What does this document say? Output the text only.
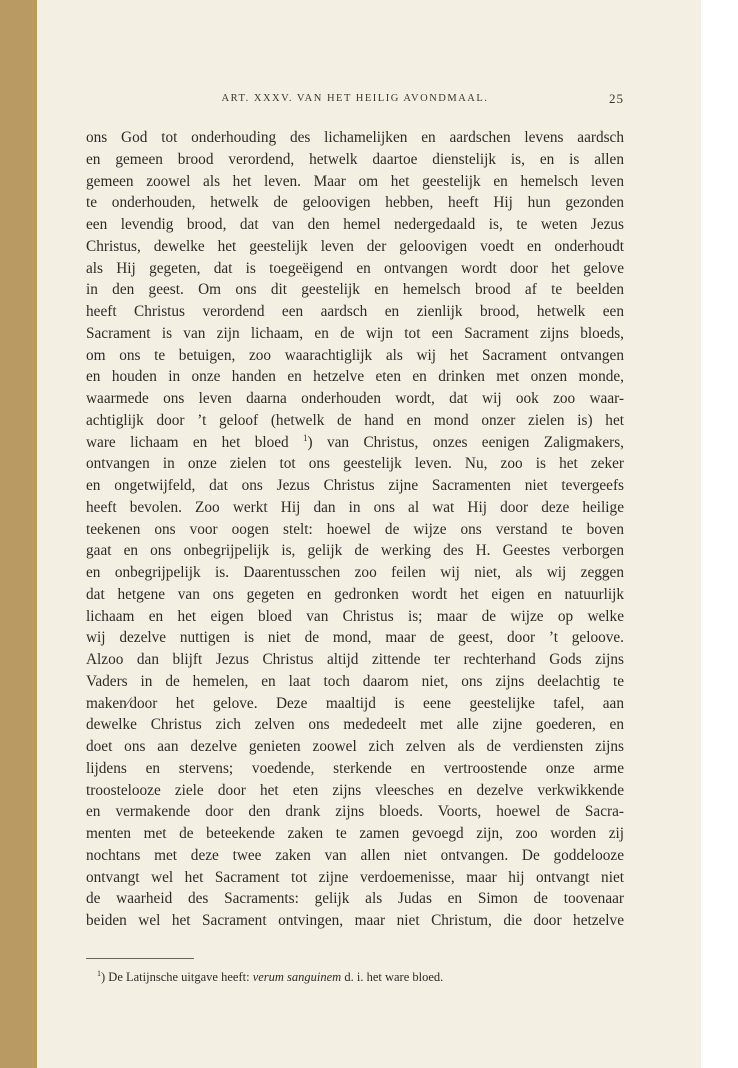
ART. XXXV. VAN HET HEILIG AVONDMAAL.	25
ons God tot onderhouding des lichamelijken en aardschen levens aardsch
en gemeen brood verordend, hetwelk daartoe dienstelijk is, en is allen
gemeen zoowel als het leven. Maar om het geestelijk en hemelsch leven
te onderhouden, hetwelk de geloovigen hebben, heeft Hij hun gezonden
een levendig brood, dat van den hemel nedergedaald is, te weten Jezus
Christus, dewelke het geestelijk leven der geloovigen voedt en onderhoudt
als Hij gegeten, dat is toegeëigend en ontvangen wordt door het gelove
in den geest. Om ons dit geestelijk en hemelsch brood af te beelden
heeft Christus verordend een aardsch en zienlijk brood, hetwelk een
Sacrament is van zijn lichaam, en de wijn tot een Sacrament zijns bloeds,
om ons te betuigen, zoo waarachtiglijk als wij het Sacrament ontvangen
en houden in onze handen en hetzelve eten en drinken met onzen monde,
waarmede ons leven daarna onderhouden wordt, dat wij ook zoo waar-
achtiglijk door ’t geloof (hetwelk de hand en mond onzer zielen is) het
ware lichaam en het bloed $^1$) van Christus, onzes eenigen Zaligmakers,
ontvangen in onze zielen tot ons geestelijk leven. Nu, zoo is het zeker
en ongetwijfeld, dat ons Jezus Christus zijne Sacramenten niet tevergeefs
heeft bevolen. Zoo werkt Hij dan in ons al wat Hij door deze heilige
teekenen ons voor oogen stelt: hoewel de wijze ons verstand te boven
gaat en ons onbegrijpelijk is, gelijk de werking des H. Geestes verborgen
en onbegrijpelijk is. Daarentusschen zoo feilen wij niet, als wij zeggen
dat hetgene van ons gegeten en gedronken wordt het eigen en natuurlijk
lichaam en het eigen bloed van Christus is; maar de wijze op welke
wij dezelve nuttigen is niet de mond, maar de geest, door ’t geloove.
Alzoo dan blijft Jezus Christus altijd zittende ter rechterhand Gods zijns
Vaders in de hemelen, en laat toch daarom niet, ons zijns deelachtig te
maken⁄door het gelove. Deze maaltijd is eene geestelijke tafel, aan
dewelke Christus zich zelven ons mededeelt met alle zijne goederen, en
doet ons aan dezelve genieten zoowel zich zelven als de verdiensten zijns
lijdens en stervens; voedende, sterkende en vertroostende onze arme
troostelooze ziele door het eten zijns vleesches en dezelve verkwikkende
en vermakende door den drank zijns bloeds. Voorts, hoewel de Sacra-
menten met de beteekende zaken te zamen gevoegd zijn, zoo worden zij
nochtans met deze twee zaken van allen niet ontvangen. De goddelooze
ontvangt wel het Sacrament tot zijne verdoemenisse, maar hij ontvangt niet
de waarheid des Sacraments: gelijk als Judas en Simon de toovenaar
beiden wel het Sacrament ontvingen, maar niet Christum, die door hetzelve
$^1$) De Latijnsche uitgave heeft: verum sanguinem d. i. het ware bloed.
